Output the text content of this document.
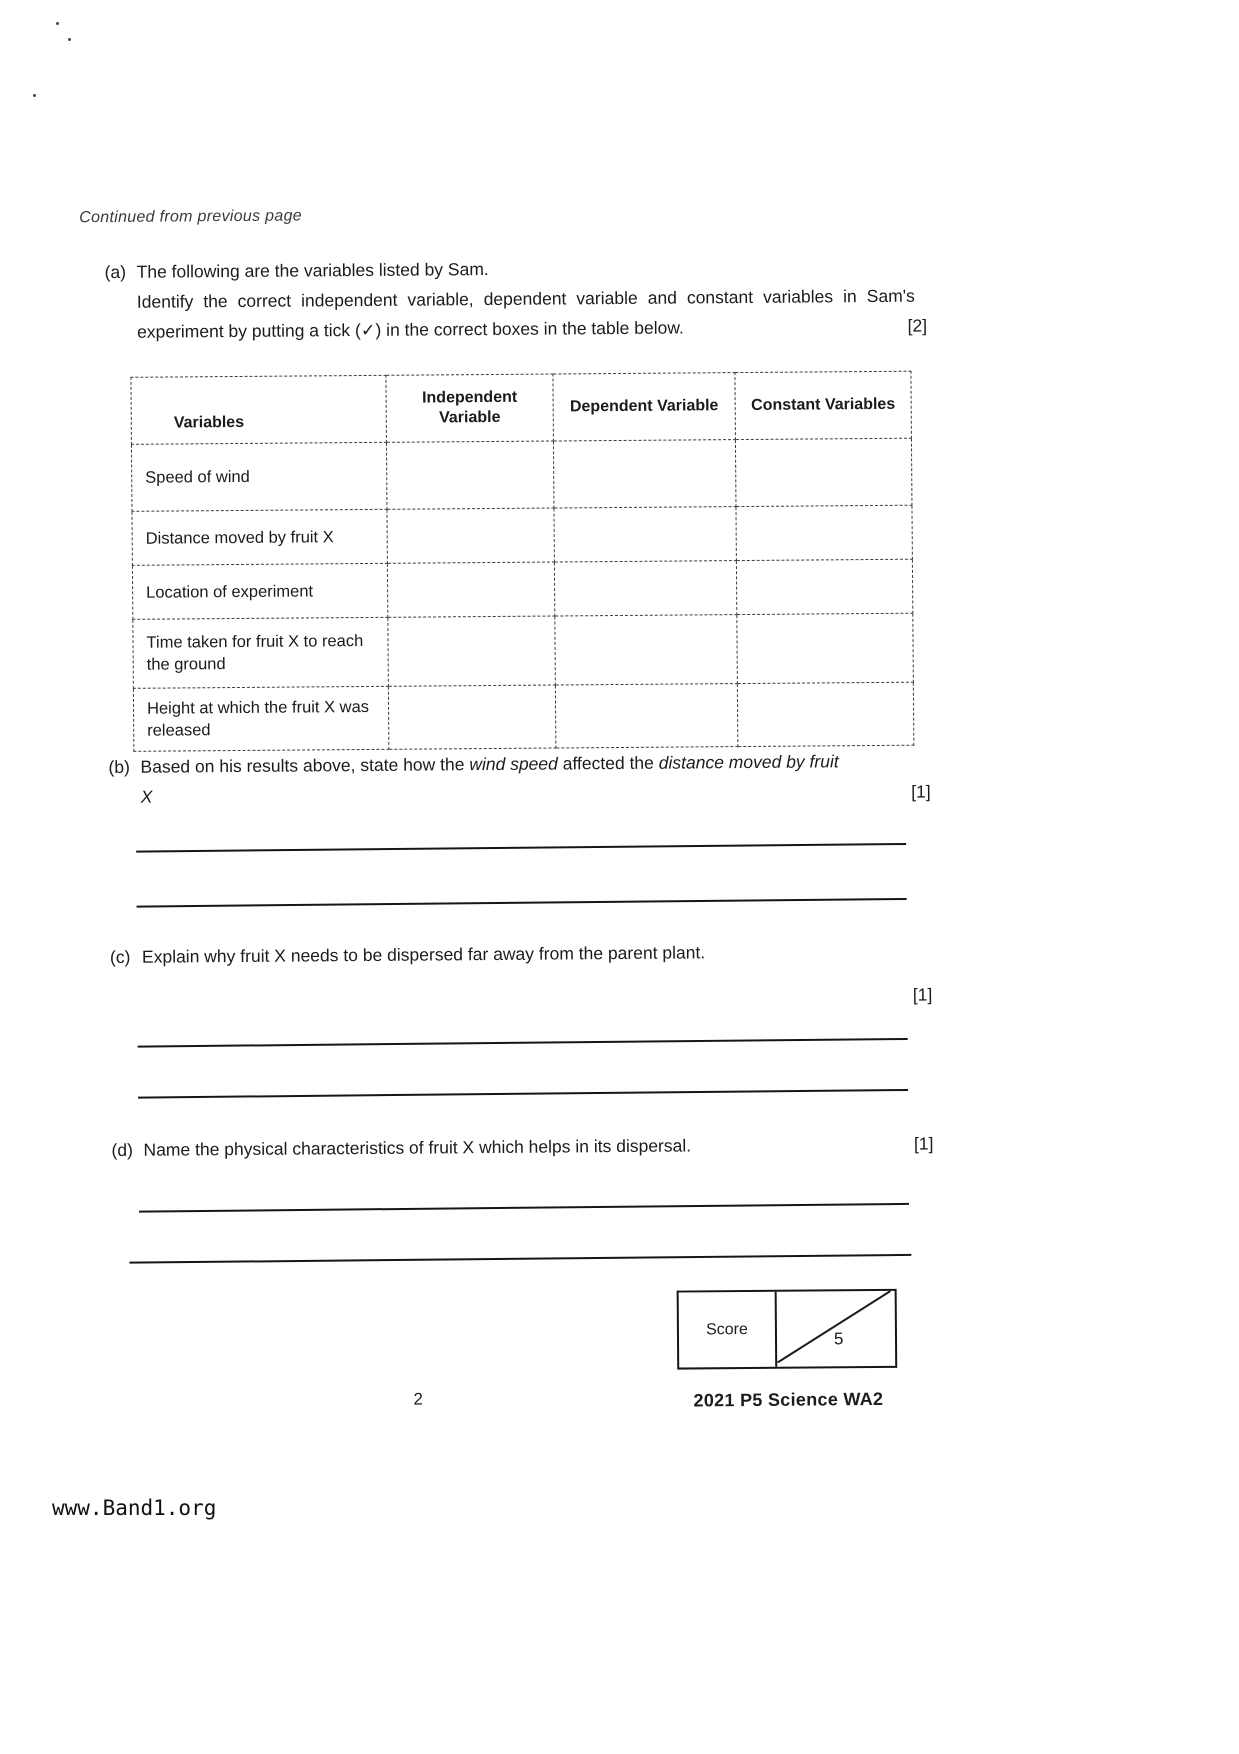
Continued from previous page
(a) The following are the variables listed by Sam.
Identify the correct independent variable, dependent variable and constant variables in Sam's experiment by putting a tick (✓) in the correct boxes in the table below.	[2]
Variables	Independent Variable	Dependent Variable	Constant Variables
Speed of wind			
Distance moved by fruit X			
Location of experiment			
Time taken for fruit X to reach the ground			
Height at which the fruit X was released			
(b) Based on his results above, state how the wind speed affected the distance moved by fruit
X	[1]
(c) Explain why fruit X needs to be dispersed far away from the parent plant.
[1]
(d) Name the physical characteristics of fruit X which helps in its dispersal.	[1]
Score
5
2	2021 P5 Science WA2
www.Band1.org
